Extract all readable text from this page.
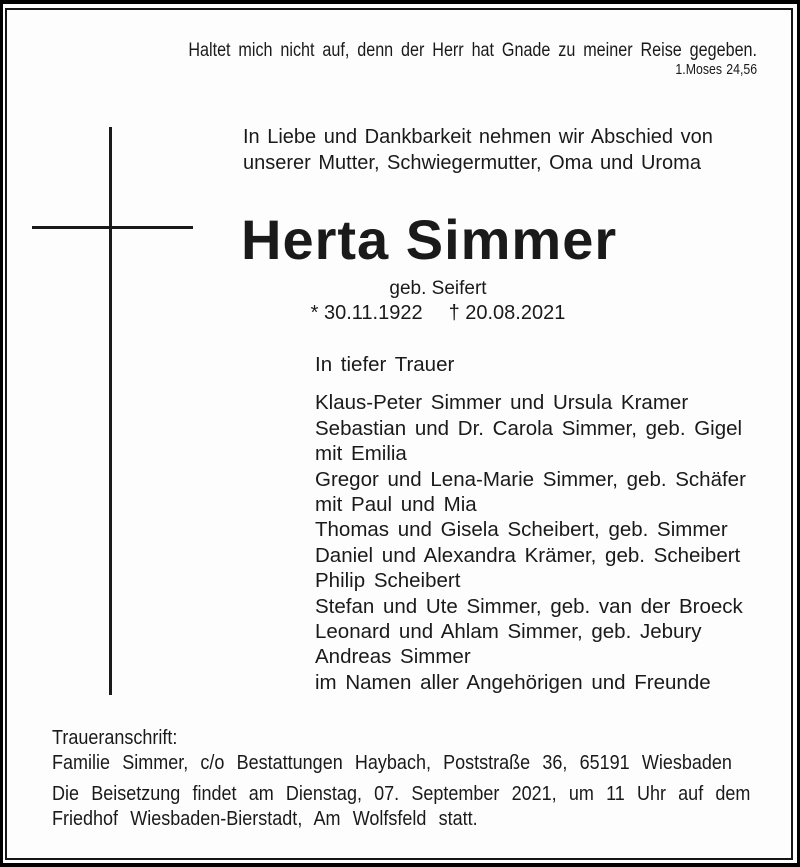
Haltet mich nicht auf, denn der Herr hat Gnade zu meiner Reise gegeben.
1.Moses 24,56
In Liebe und Dankbarkeit nehmen wir Abschied von
unserer Mutter, Schwiegermutter, Oma und Uroma
Herta Simmer
geb. Seifert
* 30.11.1922 † 20.08.2021
In tiefer Trauer
Klaus-Peter Simmer und Ursula Kramer
Sebastian und Dr. Carola Simmer, geb. Gigel
mit Emilia
Gregor und Lena-Marie Simmer, geb. Schäfer
mit Paul und Mia
Thomas und Gisela Scheibert, geb. Simmer
Daniel und Alexandra Krämer, geb. Scheibert
Philip Scheibert
Stefan und Ute Simmer, geb. van der Broeck
Leonard und Ahlam Simmer, geb. Jebury
Andreas Simmer
im Namen aller Angehörigen und Freunde
Traueranschrift:
Familie Simmer, c/o Bestattungen Haybach, Poststraße 36, 65191 Wiesbaden
Die Beisetzung findet am Dienstag, 07. September 2021, um 11 Uhr auf dem
Friedhof Wiesbaden-Bierstadt, Am Wolfsfeld statt.
